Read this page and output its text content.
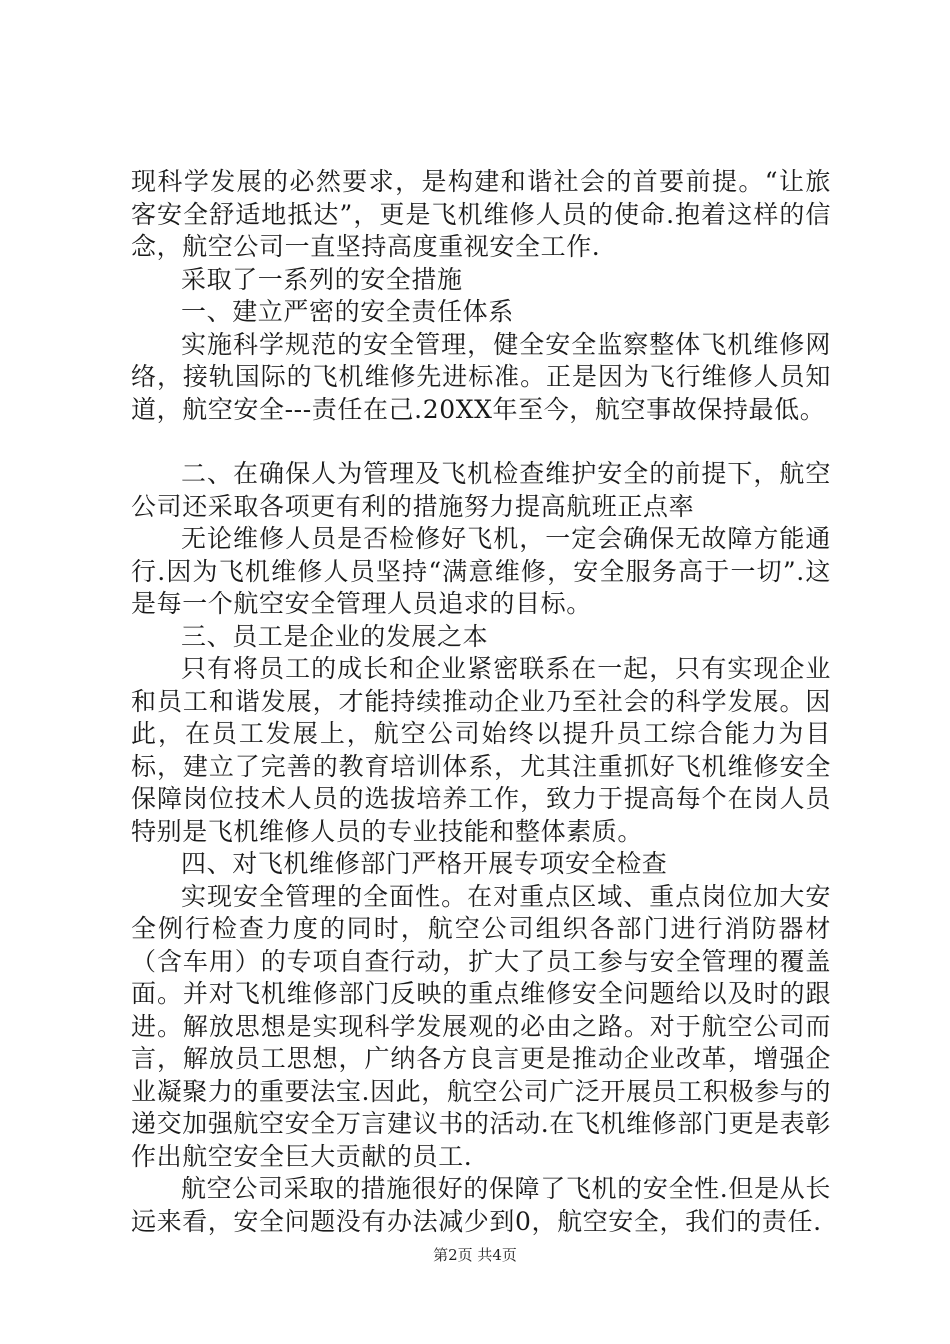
现科学发展的必然要求，是构建和谐社会的首要前提。“让旅客安全舒适地抵达”，更是飞机维修人员的使命.抱着这样的信念，航空公司一直坚持高度重视安全工作.

采取了一系列的安全措施

一、建立严密的安全责任体系

实施科学规范的安全管理，健全安全监察整体飞机维修网络，接轨国际的飞机维修先进标准。正是因为飞行维修人员知道，航空安全---责任在己.20XX年至今，航空事故保持最低。

二、在确保人为管理及飞机检查维护安全的前提下，航空公司还采取各项更有利的措施努力提高航班正点率

无论维修人员是否检修好飞机，一定会确保无故障方能通行.因为飞机维修人员坚持“满意维修，安全服务高于一切”.这是每一个航空安全管理人员追求的目标。

三、员工是企业的发展之本

只有将员工的成长和企业紧密联系在一起，只有实现企业和员工和谐发展，才能持续推动企业乃至社会的科学发展。因此，在员工发展上，航空公司始终以提升员工综合能力为目标，建立了完善的教育培训体系，尤其注重抓好飞机维修安全保障岗位技术人员的选拔培养工作，致力于提高每个在岗人员特别是飞机维修人员的专业技能和整体素质。

四、对飞机维修部门严格开展专项安全检查

实现安全管理的全面性。在对重点区域、重点岗位加大安全例行检查力度的同时，航空公司组织各部门进行消防器材（含车用）的专项自查行动，扩大了员工参与安全管理的覆盖面。并对飞机维修部门反映的重点维修安全问题给以及时的跟进。解放思想是实现科学发展观的必由之路。对于航空公司而言，解放员工思想，广纳各方良言更是推动企业改革，增强企业凝聚力的重要法宝.因此，航空公司广泛开展员工积极参与的递交加强航空安全万言建议书的活动.在飞机维修部门更是表彰作出航空安全巨大贡献的员工.

航空公司采取的措施很好的保障了飞机的安全性.但是从长远来看，安全问题没有办法减少到0，航空安全，我们的责任.

第2页 共4页
